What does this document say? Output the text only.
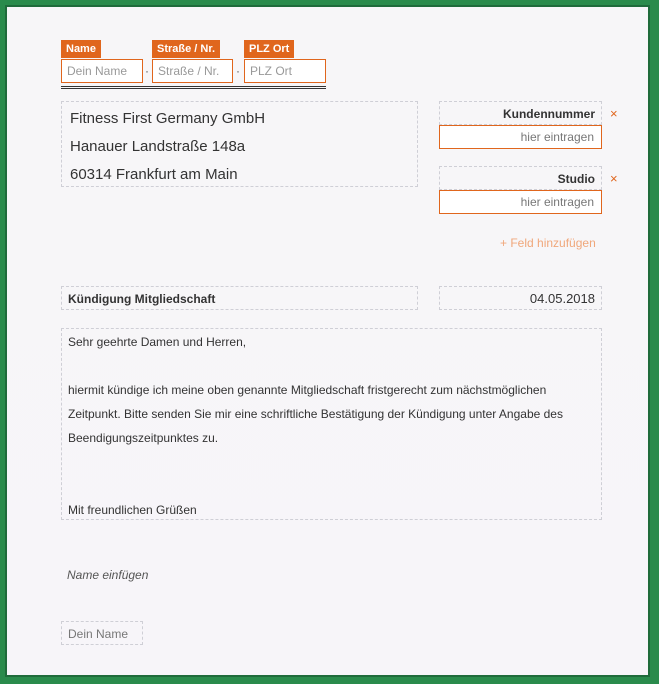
Name	Straße / Nr.	PLZ Ort
Dein Name	· Straße / Nr.	· PLZ Ort
Fitness First Germany GmbH
Hanauer Landstraße 148a
60314 Frankfurt am Main
Kundennummer ×
hier eintragen
Studio ×
hier eintragen
+ Feld hinzufügen
Kündigung Mitgliedschaft	04.05.2018
Sehr geehrte Damen und Herren,
hiermit kündige ich meine oben genannte Mitgliedschaft fristgerecht zum nächstmöglichen
Zeitpunkt. Bitte senden Sie mir eine schriftliche Bestätigung der Kündigung unter Angabe des
Beendigungszeitpunktes zu.
Mit freundlichen Grüßen
Name einfügen
Dein Name
